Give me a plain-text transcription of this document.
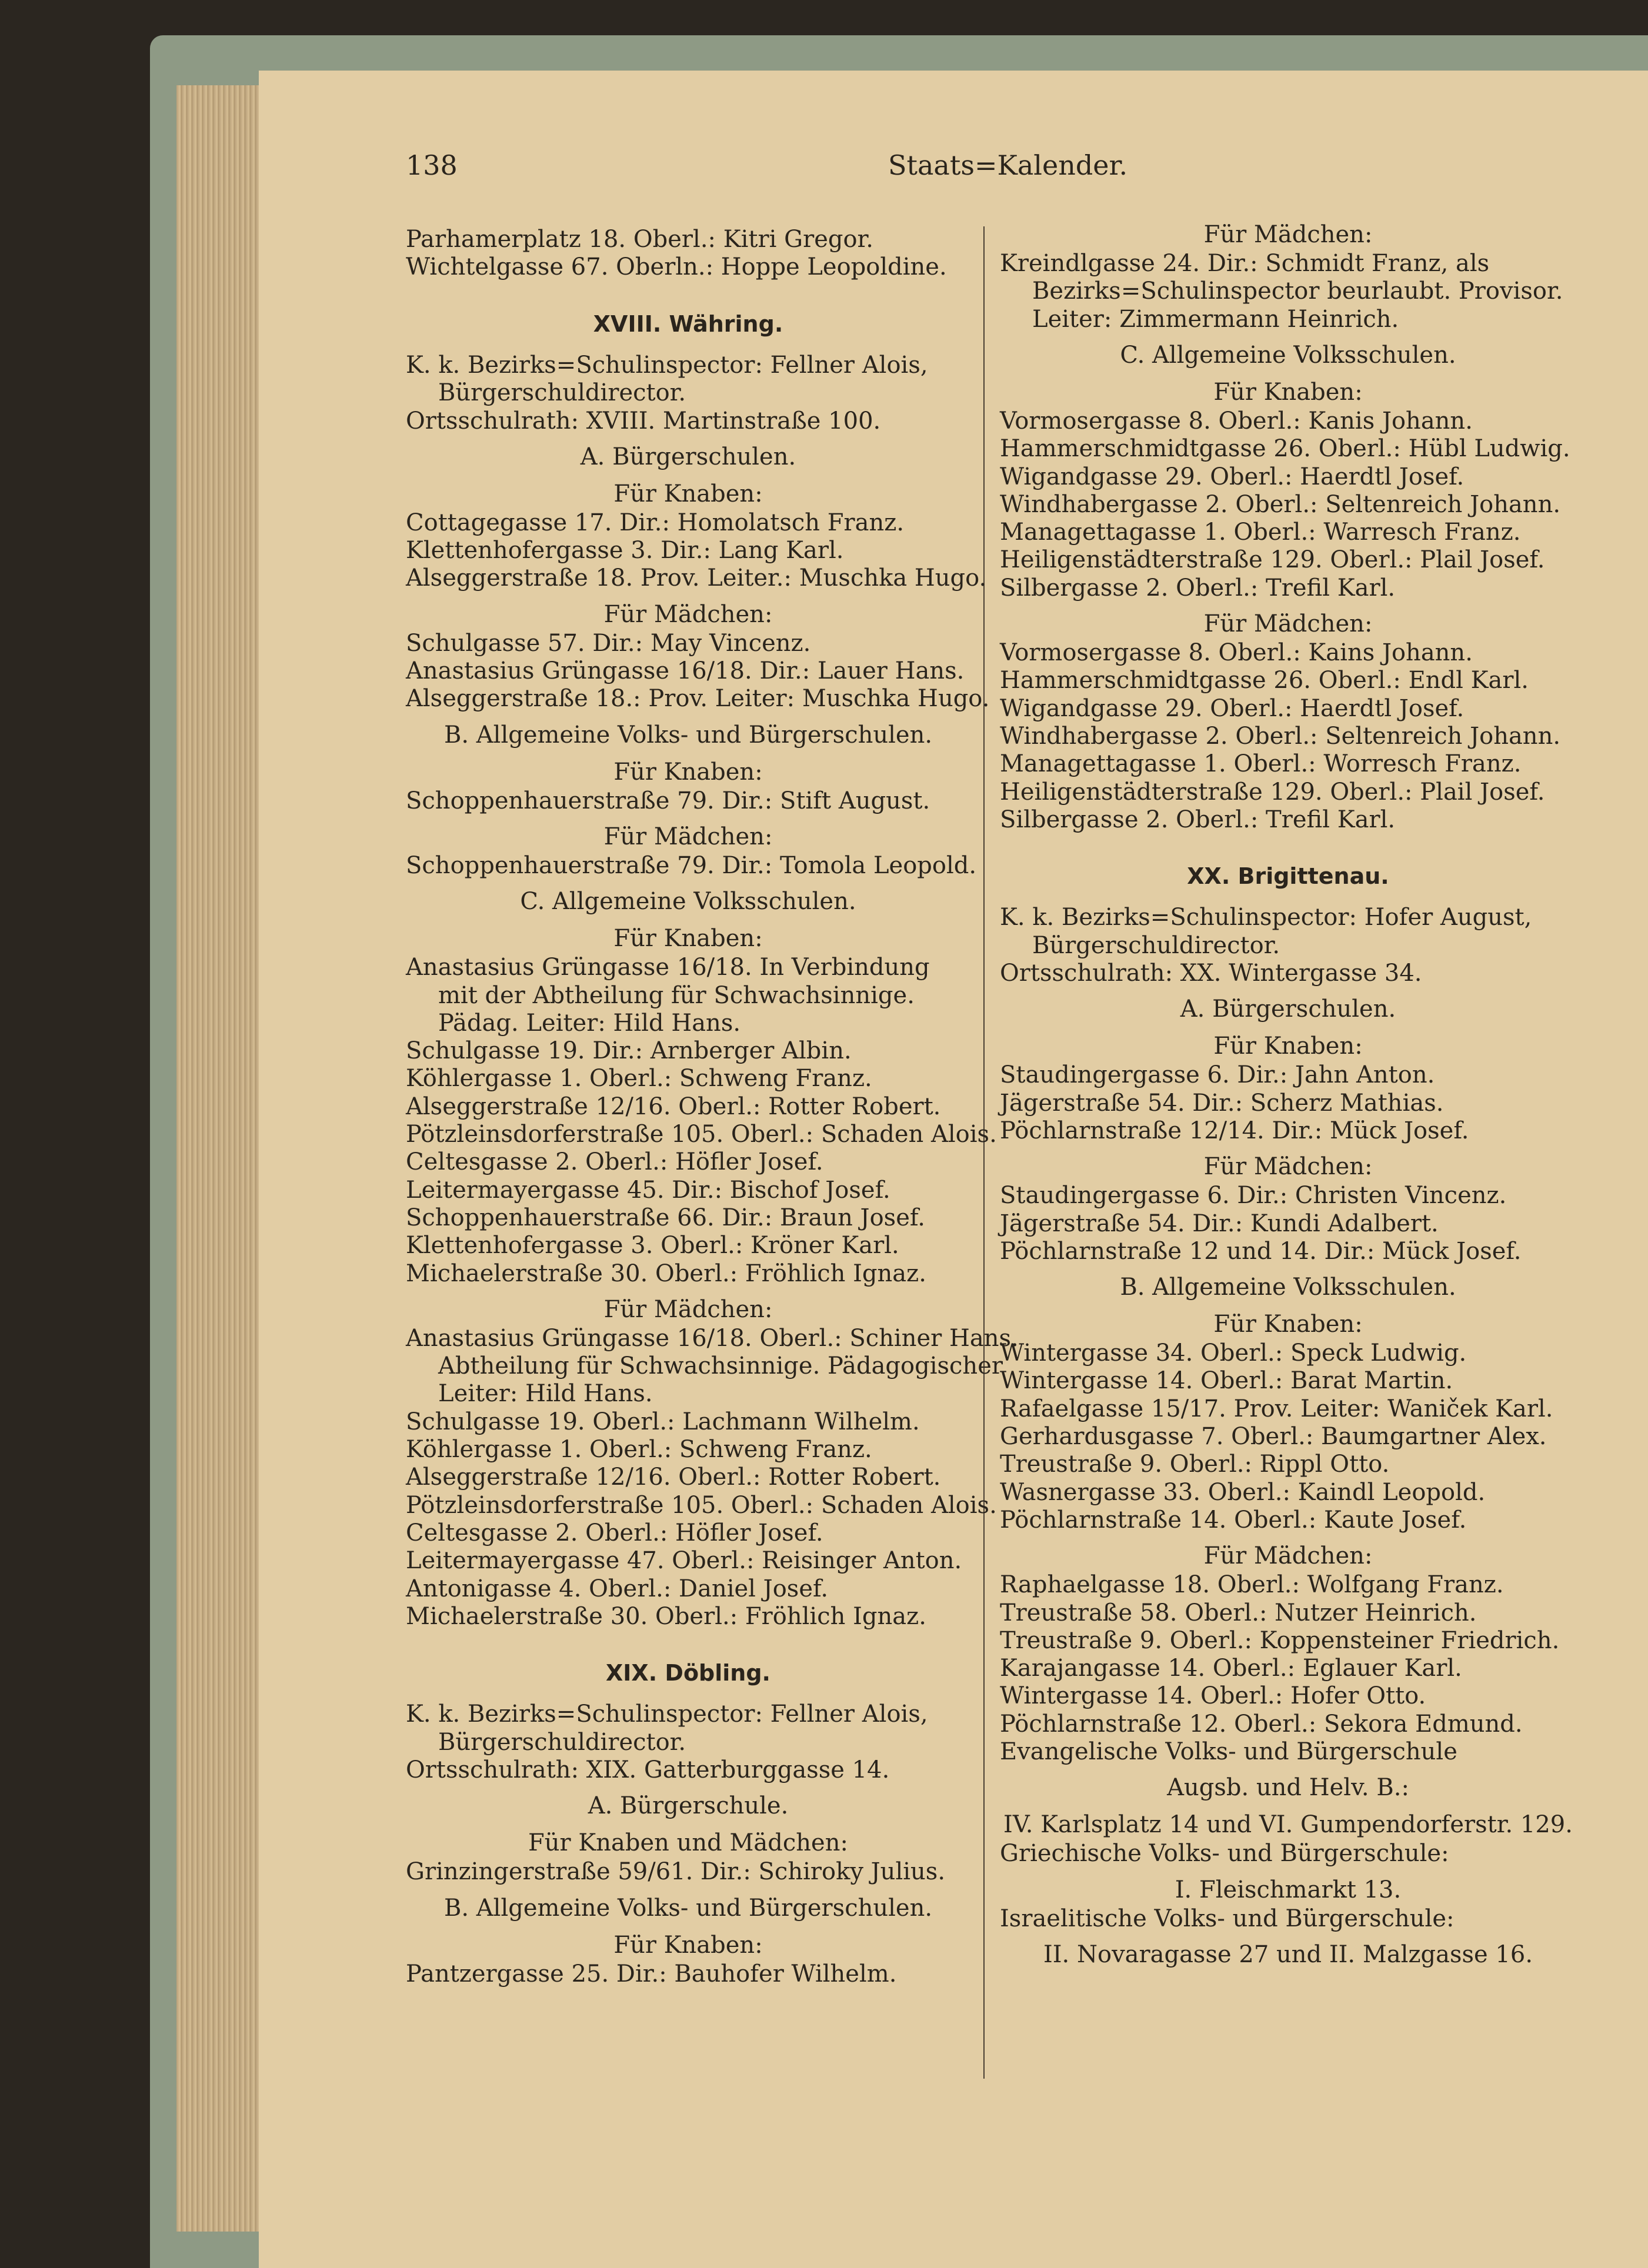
138	Staats=Kalender.
Parhamerplatz 18. Oberl.: Kitri Gregor.
Wichtelgasse 67. Oberln.: Hoppe Leopoldine.
XVIII. Währing.
K. k. Bezirks=Schulinspector: Fellner Alois,
Bürgerschuldirector.
Ortsschulrath: XVIII. Martinstraße 100.
A. Bürgerschulen.
Für Knaben:
Cottagegasse 17. Dir.: Homolatsch Franz.
Klettenhofergasse 3. Dir.: Lang Karl.
Alseggerstraße 18. Prov. Leiter.: Muschka Hugo.
Für Mädchen:
Schulgasse 57. Dir.: May Vincenz.
Anastasius Grüngasse 16/18. Dir.: Lauer Hans.
Alseggerstraße 18.: Prov. Leiter: Muschka Hugo.
B. Allgemeine Volks- und Bürgerschulen.
Für Knaben:
Schoppenhauerstraße 79. Dir.: Stift August.
Für Mädchen:
Schoppenhauerstraße 79. Dir.: Tomola Leopold.
C. Allgemeine Volksschulen.
Für Knaben:
Anastasius Grüngasse 16/18. In Verbindung
mit der Abtheilung für Schwachsinnige.
Pädag. Leiter: Hild Hans.
Schulgasse 19. Dir.: Arnberger Albin.
Köhlergasse 1. Oberl.: Schweng Franz.
Alseggerstraße 12/16. Oberl.: Rotter Robert.
Pötzleinsdorferstraße 105. Oberl.: Schaden Alois.
Celtesgasse 2. Oberl.: Höfler Josef.
Leitermayergasse 45. Dir.: Bischof Josef.
Schoppenhauerstraße 66. Dir.: Braun Josef.
Klettenhofergasse 3. Oberl.: Kröner Karl.
Michaelerstraße 30. Oberl.: Fröhlich Ignaz.
Für Mädchen:
Anastasius Grüngasse 16/18. Oberl.: Schiner Hans.
Abtheilung für Schwachsinnige. Pädagogischer
Leiter: Hild Hans.
Schulgasse 19. Oberl.: Lachmann Wilhelm.
Köhlergasse 1. Oberl.: Schweng Franz.
Alseggerstraße 12/16. Oberl.: Rotter Robert.
Pötzleinsdorferstraße 105. Oberl.: Schaden Alois.
Celtesgasse 2. Oberl.: Höfler Josef.
Leitermayergasse 47. Oberl.: Reisinger Anton.
Antonigasse 4. Oberl.: Daniel Josef.
Michaelerstraße 30. Oberl.: Fröhlich Ignaz.
XIX. Döbling.
K. k. Bezirks=Schulinspector: Fellner Alois,
Bürgerschuldirector.
Ortsschulrath: XIX. Gatterburggasse 14.
A. Bürgerschule.
Für Knaben und Mädchen:
Grinzingerstraße 59/61. Dir.: Schiroky Julius.
B. Allgemeine Volks- und Bürgerschulen.
Für Knaben:
Pantzergasse 25. Dir.: Bauhofer Wilhelm.
Für Mädchen:
Kreindlgasse 24. Dir.: Schmidt Franz, als
Bezirks=Schulinspector beurlaubt. Provisor.
Leiter: Zimmermann Heinrich.
C. Allgemeine Volksschulen.
Für Knaben:
Vormosergasse 8. Oberl.: Kanis Johann.
Hammerschmidtgasse 26. Oberl.: Hübl Ludwig.
Wigandgasse 29. Oberl.: Haerdtl Josef.
Windhabergasse 2. Oberl.: Seltenreich Johann.
Managettagasse 1. Oberl.: Warresch Franz.
Heiligenstädterstraße 129. Oberl.: Plail Josef.
Silbergasse 2. Oberl.: Trefil Karl.
Für Mädchen:
Vormosergasse 8. Oberl.: Kains Johann.
Hammerschmidtgasse 26. Oberl.: Endl Karl.
Wigandgasse 29. Oberl.: Haerdtl Josef.
Windhabergasse 2. Oberl.: Seltenreich Johann.
Managettagasse 1. Oberl.: Worresch Franz.
Heiligenstädterstraße 129. Oberl.: Plail Josef.
Silbergasse 2. Oberl.: Trefil Karl.
XX. Brigittenau.
K. k. Bezirks=Schulinspector: Hofer August,
Bürgerschuldirector.
Ortsschulrath: XX. Wintergasse 34.
A. Bürgerschulen.
Für Knaben:
Staudingergasse 6. Dir.: Jahn Anton.
Jägerstraße 54. Dir.: Scherz Mathias.
Pöchlarnstraße 12/14. Dir.: Mück Josef.
Für Mädchen:
Staudingergasse 6. Dir.: Christen Vincenz.
Jägerstraße 54. Dir.: Kundi Adalbert.
Pöchlarnstraße 12 und 14. Dir.: Mück Josef.
B. Allgemeine Volksschulen.
Für Knaben:
Wintergasse 34. Oberl.: Speck Ludwig.
Wintergasse 14. Oberl.: Barat Martin.
Rafaelgasse 15/17. Prov. Leiter: Waniček Karl.
Gerhardusgasse 7. Oberl.: Baumgartner Alex.
Treustraße 9. Oberl.: Rippl Otto.
Wasnergasse 33. Oberl.: Kaindl Leopold.
Pöchlarnstraße 14. Oberl.: Kaute Josef.
Für Mädchen:
Raphaelgasse 18. Oberl.: Wolfgang Franz.
Treustraße 58. Oberl.: Nutzer Heinrich.
Treustraße 9. Oberl.: Koppensteiner Friedrich.
Karajangasse 14. Oberl.: Eglauer Karl.
Wintergasse 14. Oberl.: Hofer Otto.
Pöchlarnstraße 12. Oberl.: Sekora Edmund.
Evangelische Volks- und Bürgerschule
Augsb. und Helv. B.:
IV. Karlsplatz 14 und VI. Gumpendorferstr. 129.
Griechische Volks- und Bürgerschule:
I. Fleischmarkt 13.
Israelitische Volks- und Bürgerschule:
II. Novaragasse 27 und II. Malzgasse 16.
